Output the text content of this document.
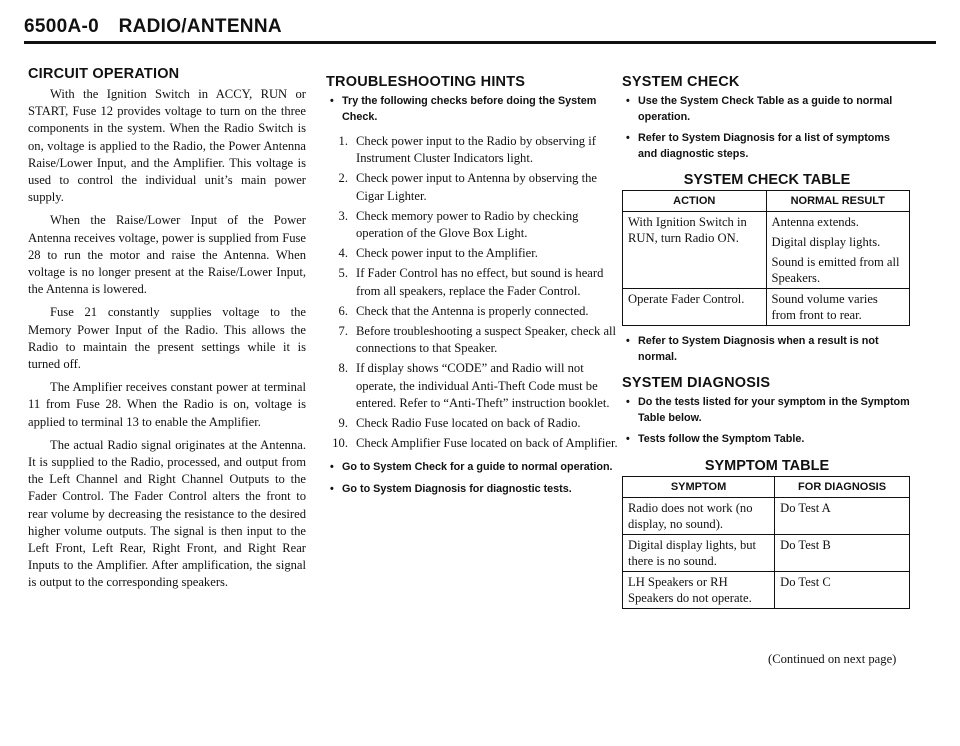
6500A-0 RADIO/ANTENNA
CIRCUIT OPERATION

With the Ignition Switch in ACCY, RUN or START, Fuse 12 provides voltage to turn on the three components in the system. When the Radio Switch is on, voltage is applied to the Radio, the Power Antenna Raise/Lower Input, and the Amplifier. This voltage is used to control the individual unit’s main power supply.

When the Raise/Lower Input of the Power Antenna receives voltage, power is supplied from Fuse 28 to run the motor and raise the Antenna. When voltage is no longer present at the Raise/Lower Input, the Antenna is lowered.

Fuse 21 constantly supplies voltage to the Memory Power Input of the Radio. This allows the Radio to maintain the present settings while it is turned off.

The Amplifier receives constant power at terminal 11 from Fuse 28. When the Radio is on, voltage is applied to terminal 13 to enable the Amplifier.

The actual Radio signal originates at the Antenna. It is supplied to the Radio, processed, and output from the Left Channel and Right Channel Outputs to the Fader Control. The Fader Control alters the front to rear volume by decreasing the resistance to the desired higher volume outputs. The signal is then input to the Left Front, Left Rear, Right Front, and Right Rear Inputs to the Amplifier. After amplification, the signal is output to the corresponding speakers.

TROUBLESHOOTING HINTS
• Try the following checks before doing the System Check.
1. Check power input to the Radio by observing if Instrument Cluster Indicators light.
2. Check power input to Antenna by observing the Cigar Lighter.
3. Check memory power to Radio by checking operation of the Glove Box Light.
4. Check power input to the Amplifier.
5. If Fader Control has no effect, but sound is heard from all speakers, replace the Fader Control.
6. Check that the Antenna is properly connected.
7. Before troubleshooting a suspect Speaker, check all connections to that Speaker.
8. If display shows “CODE” and Radio will not operate, the individual Anti-Theft Code must be entered. Refer to “Anti-Theft” instruction booklet.
9. Check Radio Fuse located on back of Radio.
10. Check Amplifier Fuse located on back of Amplifier.
• Go to System Check for a guide to normal operation.
• Go to System Diagnosis for diagnostic tests.
SYSTEM CHECK
• Use the System Check Table as a guide to normal operation.
• Refer to System Diagnosis for a list of symptoms and diagnostic steps.
SYSTEM CHECK TABLE
ACTION	NORMAL RESULT
With Ignition Switch in RUN, turn Radio ON.	Antenna extends.
Digital display lights.
Sound is emitted from all Speakers.

Operate Fader Control.	Sound volume varies from front to rear.
• Refer to System Diagnosis when a result is not normal.
SYSTEM DIAGNOSIS
• Do the tests listed for your symptom in the Symptom Table below.
• Tests follow the Symptom Table.
SYMPTOM TABLE
SYMPTOM	FOR DIAGNOSIS
Radio does not work (no display, no sound).	Do Test A
Digital display lights, but there is no sound.	Do Test B
LH Speakers or RH Speakers do not operate.	Do Test C
(Continued on next page)
